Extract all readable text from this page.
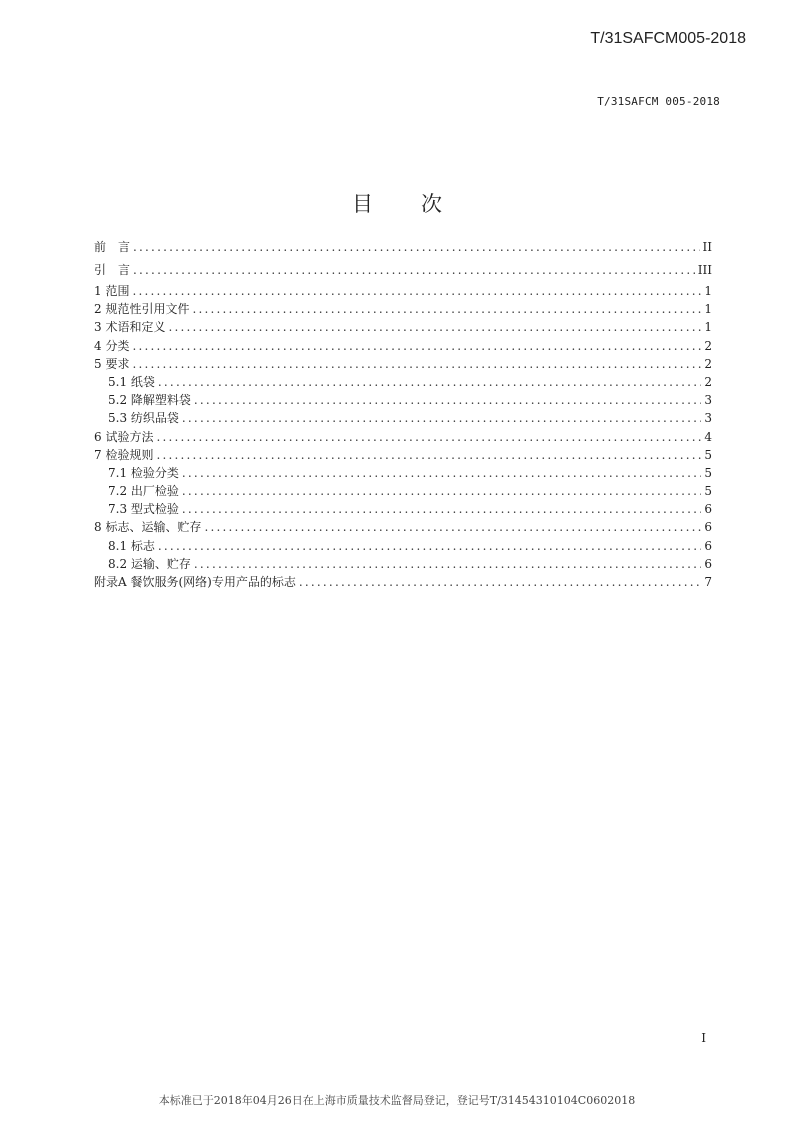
T/31SAFCM005-2018
T/31SAFCM 005-2018
目 次
前　言 .....	II
引　言 .....	III
1 范围 .....	1
2 规范性引用文件 .....	1
3 术语和定义 .....	1
4 分类 .....	2
5 要求 .....	2
5.1 纸袋 .....	2
5.2 降解塑料袋 .....	3
5.3 纺织品袋 .....	3
6 试验方法 .....	4
7 检验规则 .....	5
7.1 检验分类 .....	5
7.2 出厂检验 .....	5
7.3 型式检验 .....	6
8 标志、运输、贮存 .....	6
8.1 标志 .....	6
8.2 运输、贮存 .....	6
附录A 餐饮服务(网络)专用产品的标志 .....	7
I
本标准已于2018年04月26日在上海市质量技术监督局登记，登记号T/31454310104C0602018
